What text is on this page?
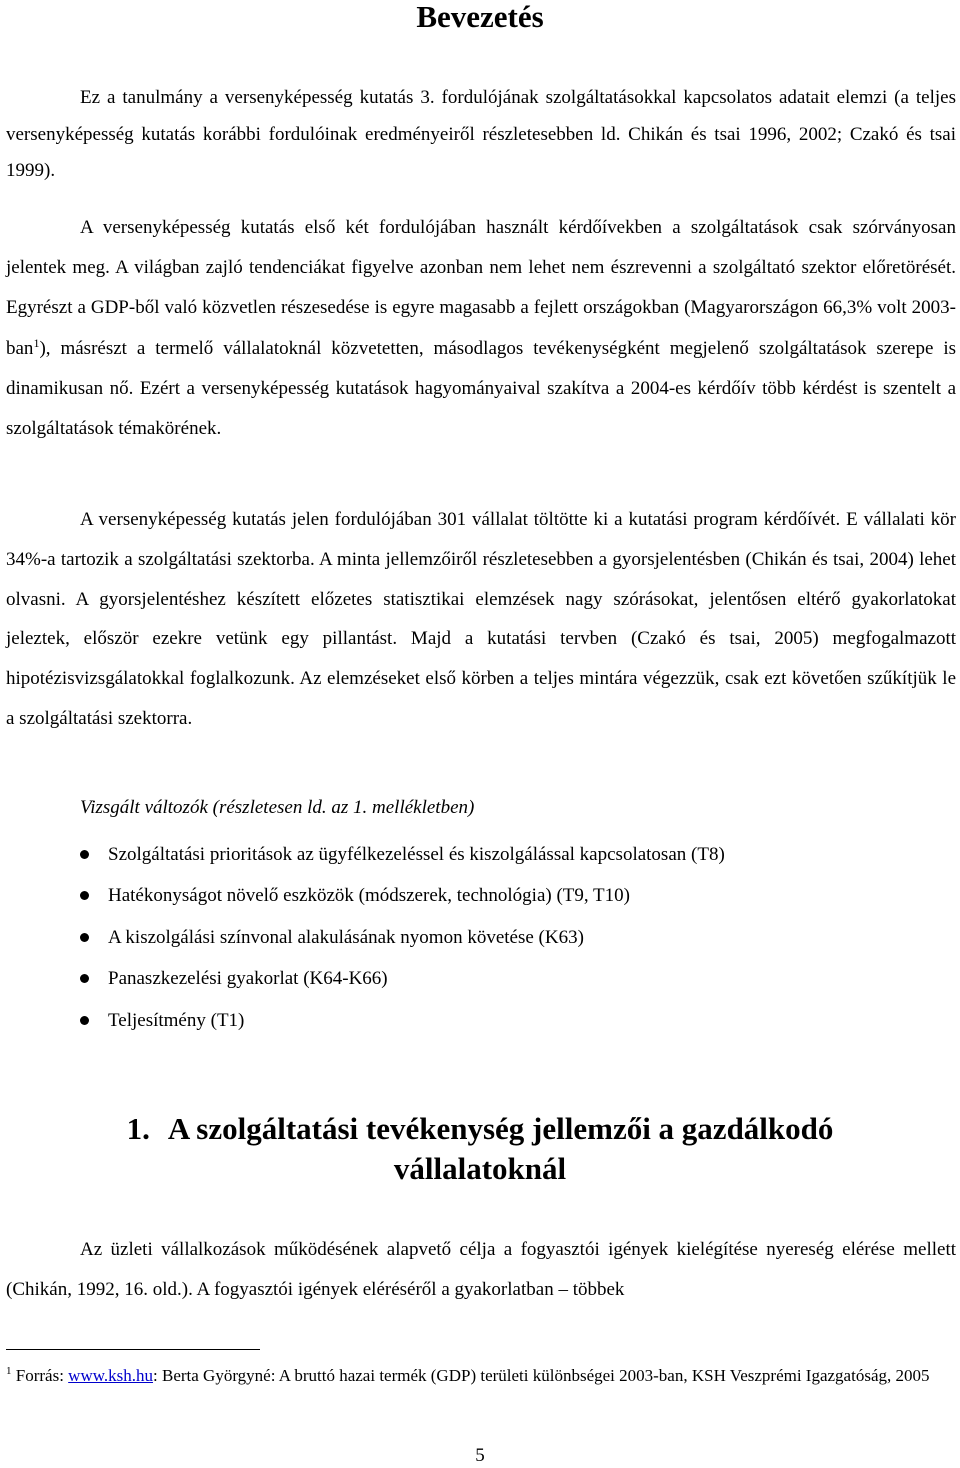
Bevezetés

Ez a tanulmány a versenyképesség kutatás 3. fordulójának szolgáltatásokkal kapcsolatos adatait elemzi (a teljes versenyképesség kutatás korábbi fordulóinak eredményeiről részletesebben ld. Chikán és tsai 1996, 2002; Czakó és tsai 1999).

A versenyképesség kutatás első két fordulójában használt kérdőívekben a szolgáltatások csak szórványosan jelentek meg. A világban zajló tendenciákat figyelve azonban nem lehet nem észrevenni a szolgáltató szektor előretörését. Egyrészt a GDP-ből való közvetlen részesedése is egyre magasabb a fejlett országokban (Magyarországon 66,3% volt 2003-ban$^1$), másrészt a termelő vállalatoknál közvetetten, másodlagos tevékenységként megjelenő szolgáltatások szerepe is dinamikusan nő. Ezért a versenyképesség kutatások hagyományaival szakítva a 2004-es kérdőív több kérdést is szentelt a szolgáltatások témakörének.

A versenyképesség kutatás jelen fordulójában 301 vállalat töltötte ki a kutatási program kérdőívét. E vállalati kör 34%-a tartozik a szolgáltatási szektorba. A minta jellemzőiről részletesebben a gyorsjelentésben (Chikán és tsai, 2004) lehet olvasni. A gyorsjelentéshez készített előzetes statisztikai elemzések nagy szórásokat, jelentősen eltérő gyakorlatokat jeleztek, először ezekre vetünk egy pillantást. Majd a kutatási tervben (Czakó és tsai, 2005) megfogalmazott hipotézisvizsgálatokkal foglalkozunk. Az elemzéseket első körben a teljes mintára végezzük, csak ezt követően szűkítjük le a szolgáltatási szektorra.

Vizsgált változók (részletesen ld. az 1. mellékletben)
Szolgáltatási prioritások az ügyfélkezeléssel és kiszolgálással kapcsolatosan (T8)
Hatékonyságot növelő eszközök (módszerek, technológia) (T9, T10)
A kiszolgálási színvonal alakulásának nyomon követése (K63)
Panaszkezelési gyakorlat (K64-K66)
Teljesítmény (T1)
1. A szolgáltatási tevékenység jellemzői a gazdálkodó
vállalatoknál

Az üzleti vállalkozások működésének alapvető célja a fogyasztói igények kielégítése nyereség elérése mellett (Chikán, 1992, 16. old.). A fogyasztói igények eléréséről a gyakorlatban ‒ többek

$^1$ Forrás: www.ksh.hu: Berta Györgyné: A bruttó hazai termék (GDP) területi különbségei 2003-ban, KSH Veszprémi Igazgatóság, 2005
5
